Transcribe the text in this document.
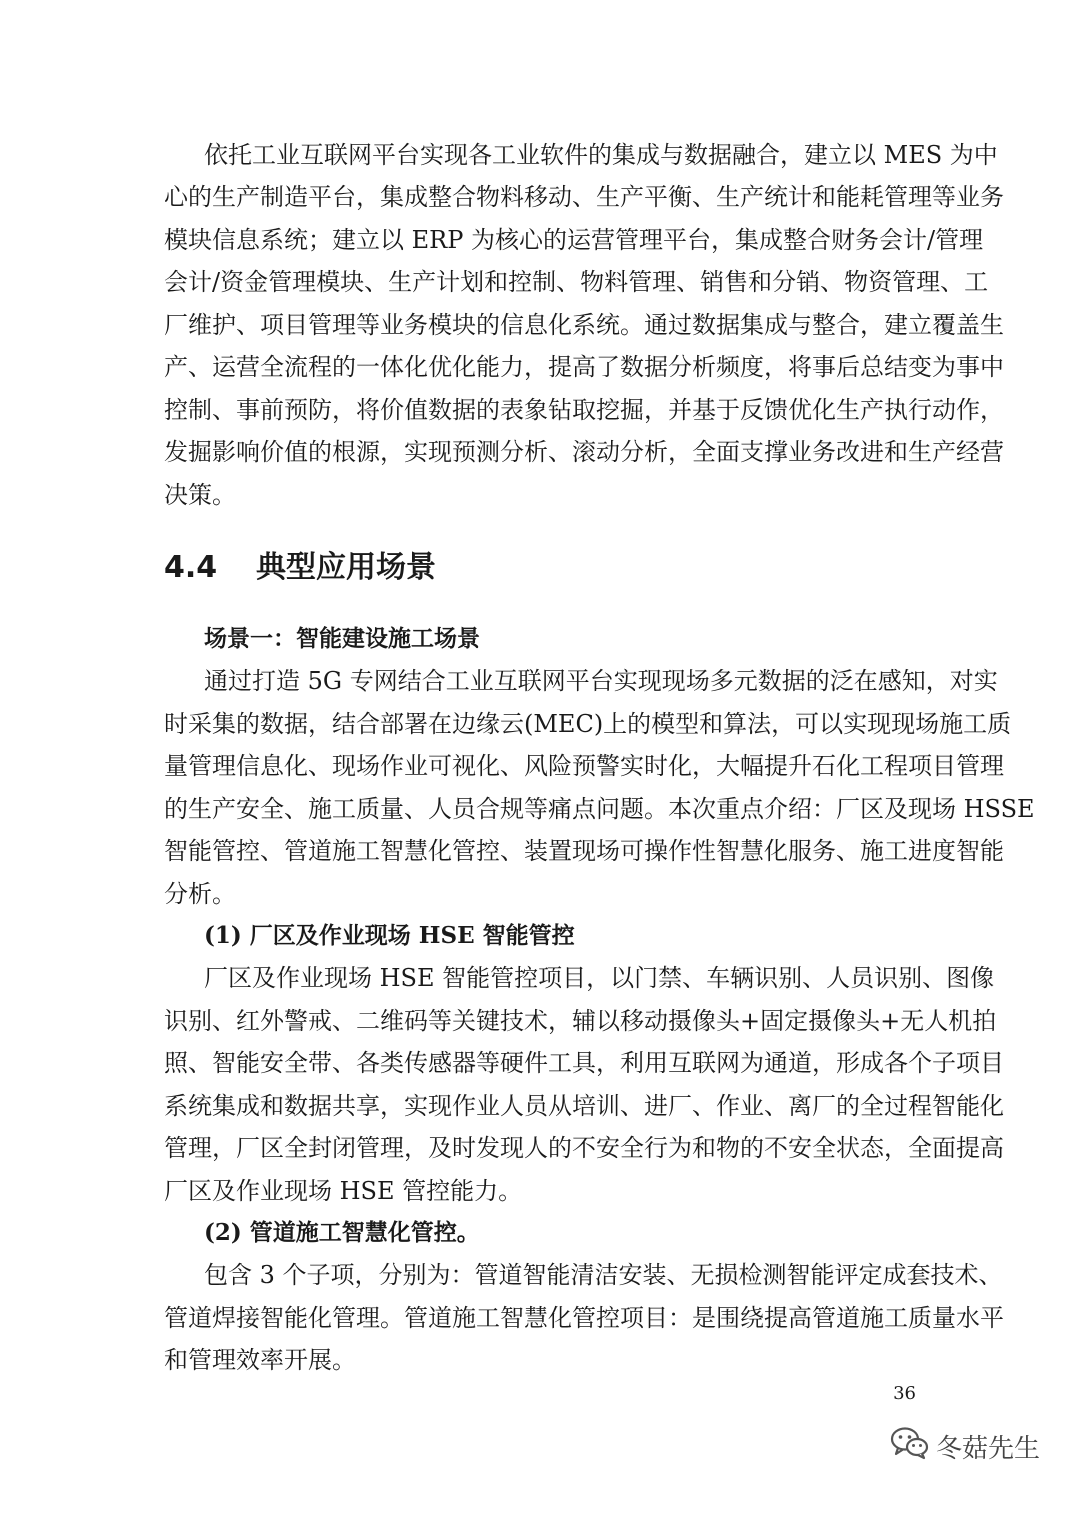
依托工业互联网平台实现各工业软件的集成与数据融合，建立以 MES 为中

心的生产制造平台，集成整合物料移动、生产平衡、生产统计和能耗管理等业务

模块信息系统；建立以 ERP 为核心的运营管理平台，集成整合财务会计/管理

会计/资金管理模块、生产计划和控制、物料管理、销售和分销、物资管理、工

厂维护、项目管理等业务模块的信息化系统。通过数据集成与整合，建立覆盖生

产、运营全流程的一体化优化能力，提高了数据分析频度，将事后总结变为事中

控制、事前预防，将价值数据的表象钻取挖掘，并基于反馈优化生产执行动作，

发掘影响价值的根源，实现预测分析、滚动分析，全面支撑业务改进和生产经营

决策。

4.4 典型应用场景
场景一：智能建设施工场景

通过打造 5G 专网结合工业互联网平台实现现场多元数据的泛在感知，对实

时采集的数据，结合部署在边缘云(MEC)上的模型和算法，可以实现现场施工质

量管理信息化、现场作业可视化、风险预警实时化，大幅提升石化工程项目管理

的生产安全、施工质量、人员合规等痛点问题。本次重点介绍：厂区及现场 HSSE

智能管控、管道施工智慧化管控、装置现场可操作性智慧化服务、施工进度智能

分析。

(1) 厂区及作业现场 HSE 智能管控

厂区及作业现场 HSE 智能管控项目，以门禁、车辆识别、人员识别、图像

识别、红外警戒、二维码等关键技术，辅以移动摄像头+固定摄像头+无人机拍

照、智能安全带、各类传感器等硬件工具，利用互联网为通道，形成各个子项目

系统集成和数据共享，实现作业人员从培训、进厂、作业、离厂的全过程智能化

管理，厂区全封闭管理，及时发现人的不安全行为和物的不安全状态，全面提高

厂区及作业现场 HSE 管控能力。

(2) 管道施工智慧化管控。

包含 3 个子项，分别为：管道智能清洁安装、无损检测智能评定成套技术、

管道焊接智能化管理。管道施工智慧化管控项目：是围绕提高管道施工质量水平

和管理效率开展。

36
冬菇先生
